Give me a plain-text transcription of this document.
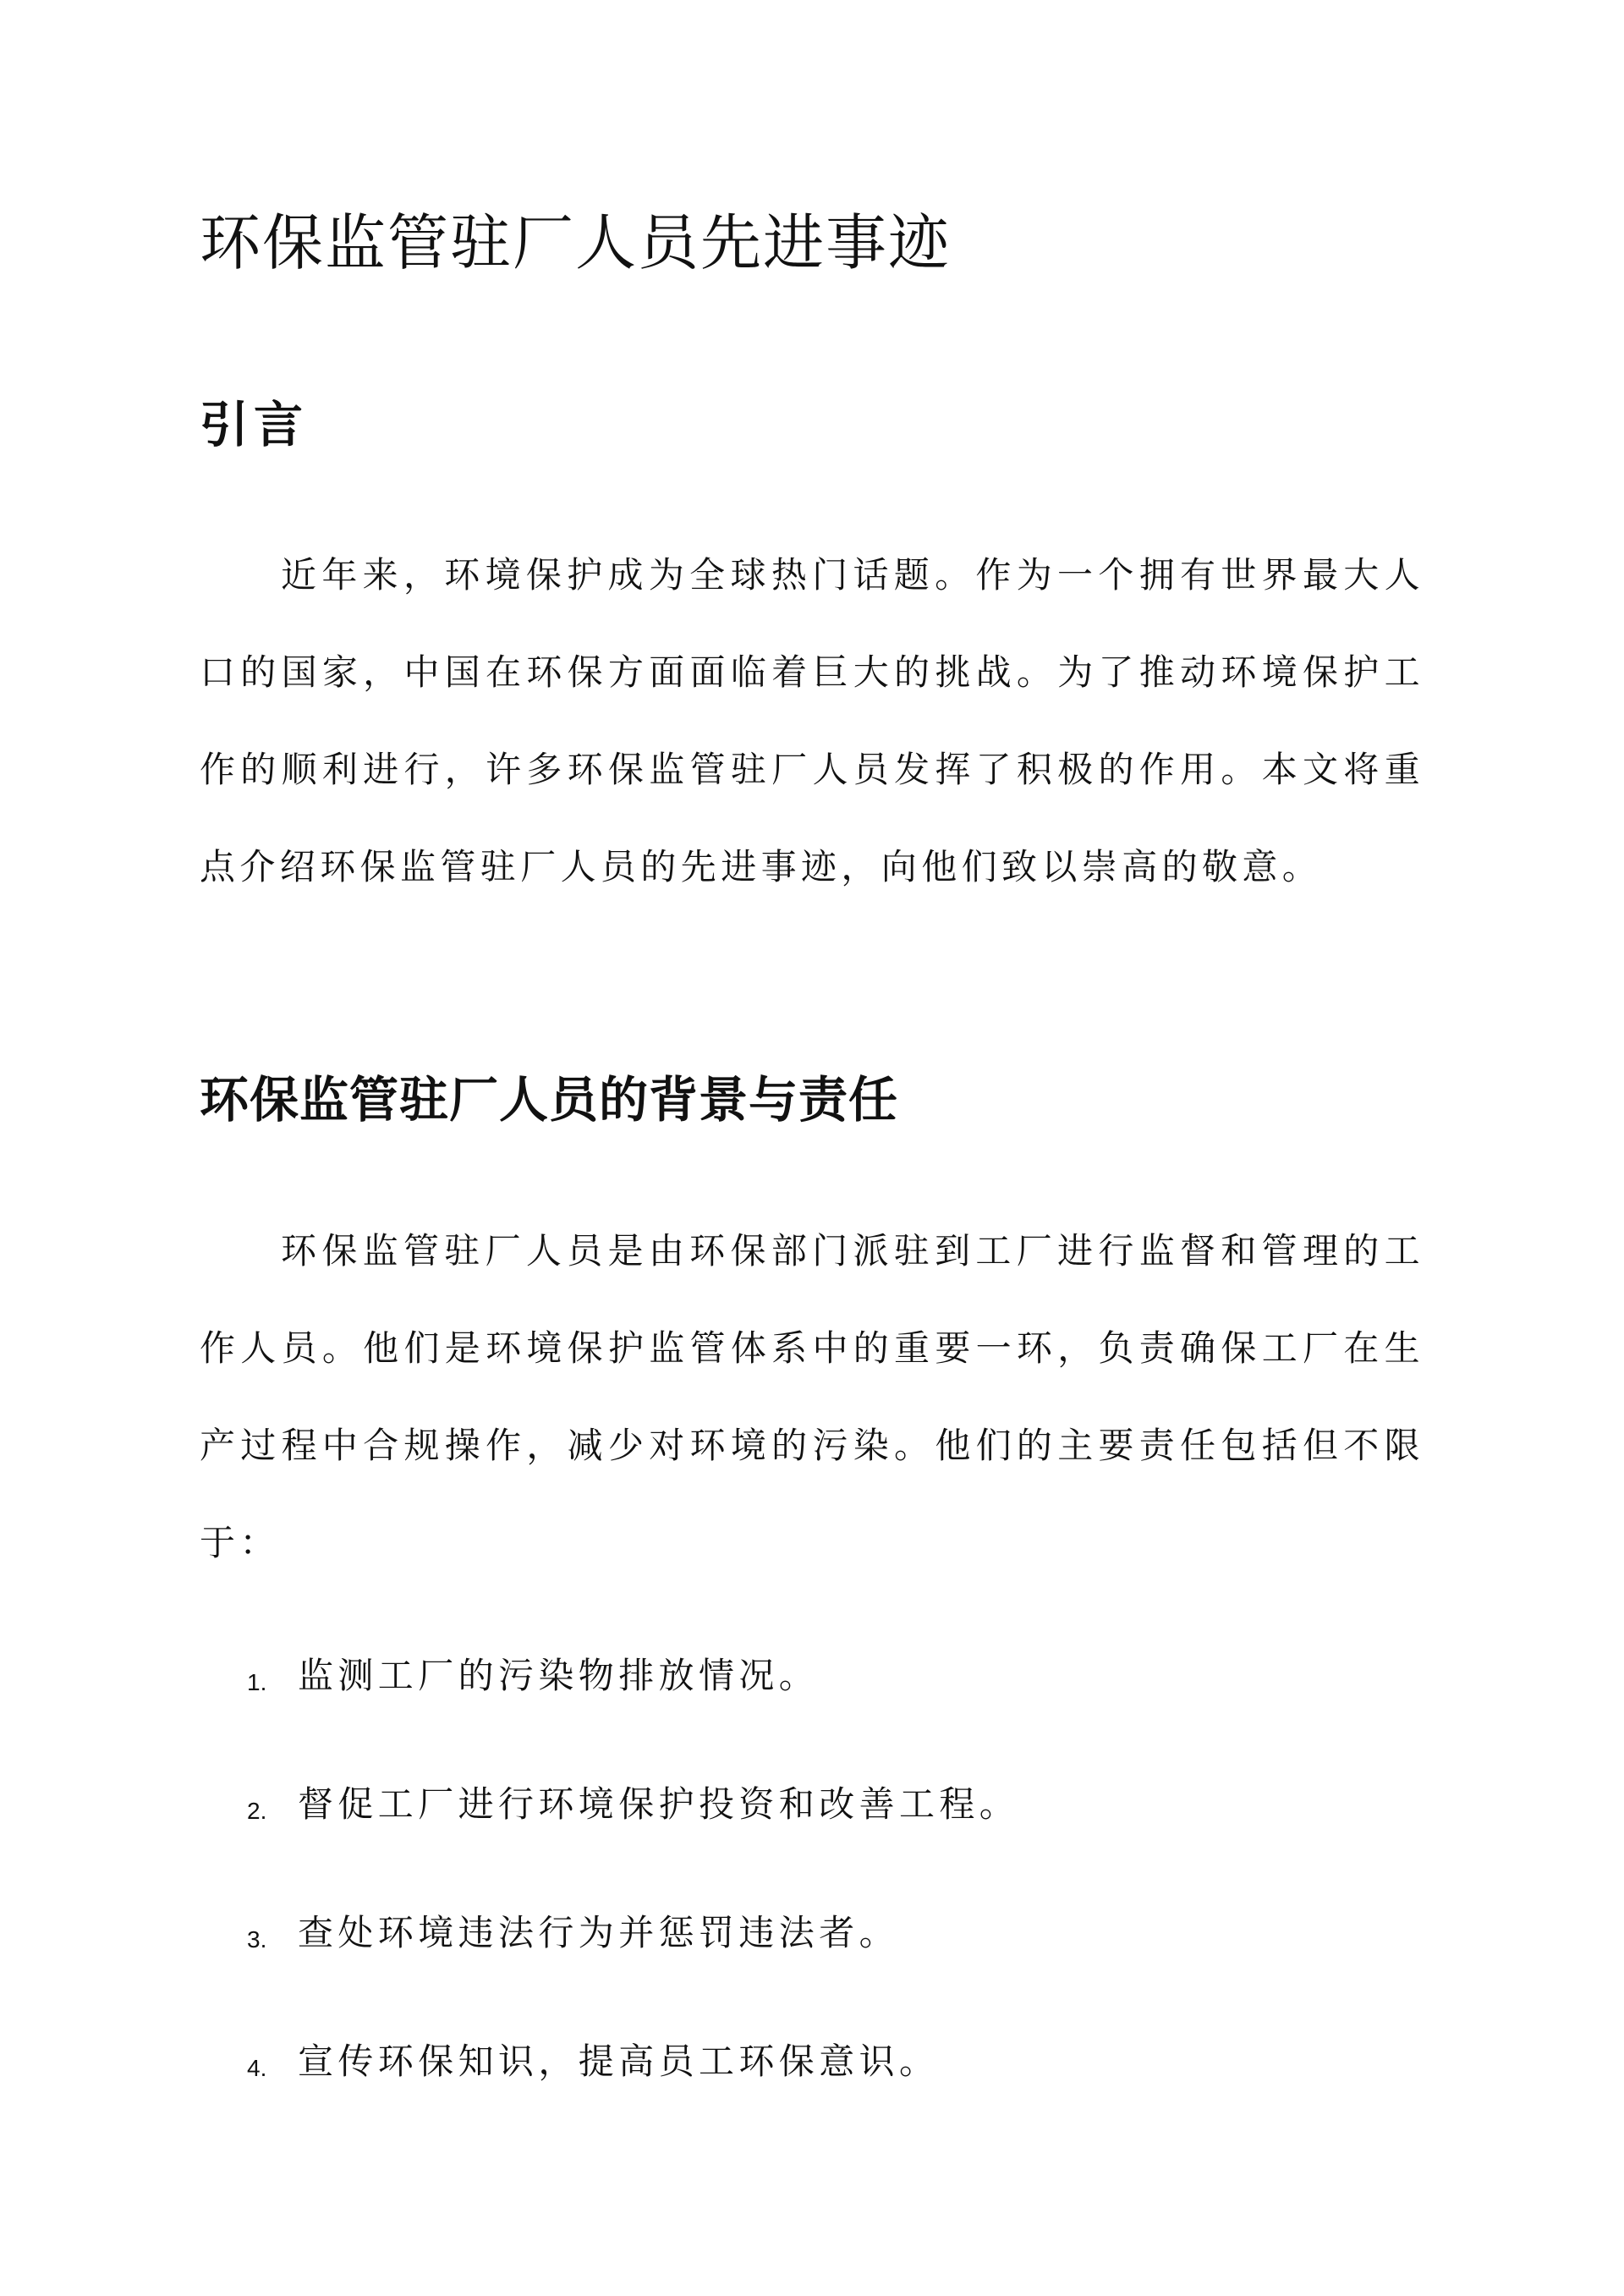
环保监管驻厂人员先进事迹
引言

近年来，环境保护成为全球热门话题。作为一个拥有世界最大人口的国家，中国在环保方面面临着巨大的挑战。为了推动环境保护工作的顺利进行，许多环保监管驻厂人员发挥了积极的作用。本文将重点介绍环保监管驻厂人员的先进事迹，向他们致以崇高的敬意。

环保监管驻厂人员的背景与责任

环保监管驻厂人员是由环保部门派驻到工厂进行监督和管理的工作人员。他们是环境保护监管体系中的重要一环，负责确保工厂在生产过程中合规操作，减少对环境的污染。他们的主要责任包括但不限于：

1. 监测工厂的污染物排放情况。
2. 督促工厂进行环境保护投资和改善工程。
3. 查处环境违法行为并惩罚违法者。
4. 宣传环保知识，提高员工环保意识。
